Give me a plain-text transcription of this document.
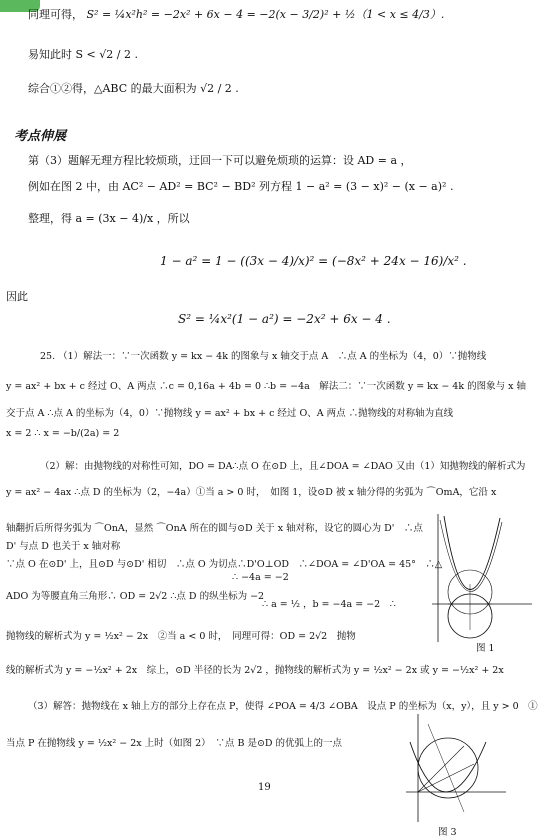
同理可得， S² = ¼x²h² = −2x² + 6x − 4 = −2(x − 3/2)² + ½（1 < x ≤ 4/3）.
易知此时 S < √2 / 2 .
综合①②得，△ABC 的最大面积为 √2 / 2 .
考点伸展
第（3）题解无理方程比较烦琐，迂回一下可以避免烦琐的运算：设 AD = a ，
例如在图 2 中，由 AC² − AD² = BC² − BD² 列方程 1 − a² = (3 − x)² − (x − a)² .
整理，得 a = (3x − 4)/x ，所以
1 − a² = 1 − ((3x − 4)/x)² = (−8x² + 24x − 16)/x² .
因此
S² = ¼x²(1 − a²) = −2x² + 6x − 4 .
25. （1）解法一：∵一次函数 y = kx − 4k 的图象与 x 轴交于点 A　∴点 A 的坐标为（4，0）∵抛物线
y = ax² + bx + c 经过 O、A 两点 ∴c = 0,16a + 4b = 0 ∴b = −4a　解法二：∵一次函数 y = kx − 4k 的图象与 x 轴
交于点 A ∴点 A 的坐标为（4，0）∵抛物线 y = ax² + bx + c 经过 O、A 两点 ∴抛物线的对称轴为直线
x = 2 ∴ x = −b/(2a) = 2
（2）解：由抛物线的对称性可知，DO = DA∴点 O 在⊙D 上，且∠DOA = ∠DAO 又由（1）知抛物线的解析式为
y = ax² − 4ax ∴点 D 的坐标为（2，−4a）①当 a > 0 时，　如图 1，设⊙D 被 x 轴分得的劣弧为 ⌒OmA，它沿 x
轴翻折后所得劣弧为 ⌒OnA，显然 ⌒OnA 所在的圆与⊙D 关于 x 轴对称，设它的圆心为 D'　∴点
D' 与点 D 也关于 x 轴对称
∵点 O 在⊙D' 上，且⊙D 与⊙D' 相切　∴点 O 为切点∴D'O⊥OD　∴∠DOA = ∠D'OA = 45°　∴△
∴ −4a = −2
ADO 为等腰直角三角形∴ OD = 2√2 ∴点 D 的纵坐标为 −2
∴ a = ½ ，b = −4a = −2　∴
抛物线的解析式为 y = ½x² − 2x　②当 a < 0 时，　同理可得：OD = 2√2　抛物
线的解析式为 y = −½x² + 2x　综上，⊙D 半径的长为 2√2 ，抛物线的解析式为 y = ½x² − 2x 或 y = −½x² + 2x
（3）解答：抛物线在 x 轴上方的部分上存在点 P，使得 ∠POA = 4/3 ∠OBA　设点 P 的坐标为（x，y），且 y > 0　①
当点 P 在抛物线 y = ½x² − 2x 上时（如图 2）　∵点 B 是⊙D 的优弧上的一点
图 1
图 3
19
